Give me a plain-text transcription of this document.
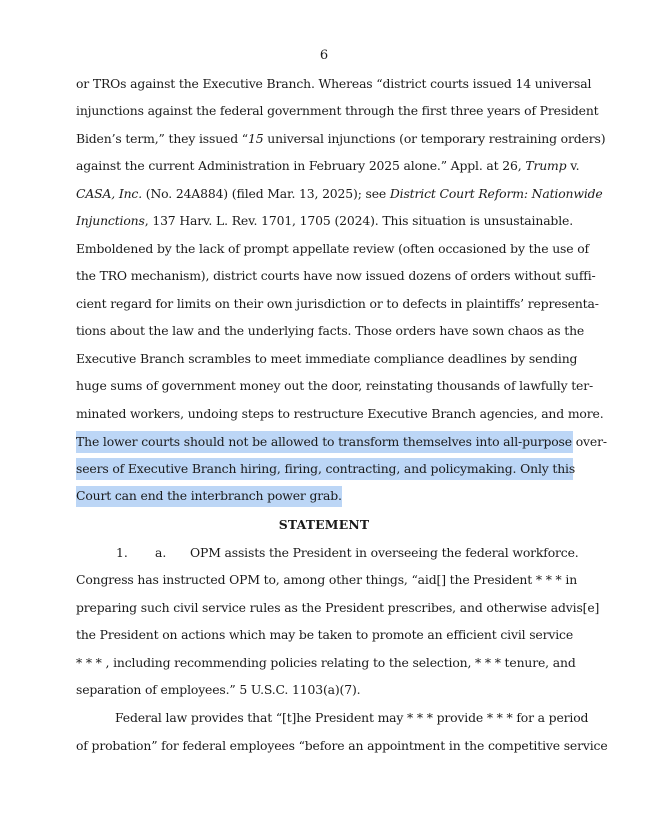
6
or TROs against the Executive Branch. Whereas “district courts issued 14 universal
injunctions against the federal government through the first three years of President
Biden’s term,” they issued “15 universal injunctions (or temporary restraining orders)
against the current Administration in February 2025 alone.” Appl. at 26, Trump v.
CASA, Inc. (No. 24A884) (filed Mar. 13, 2025); see District Court Reform: Nationwide
Injunctions, 137 Harv. L. Rev. 1701, 1705 (2024). This situation is unsustainable.
Emboldened by the lack of prompt appellate review (often occasioned by the use of
the TRO mechanism), district courts have now issued dozens of orders without suffi-
cient regard for limits on their own jurisdiction or to defects in plaintiffs’ representa-
tions about the law and the underlying facts. Those orders have sown chaos as the
Executive Branch scrambles to meet immediate compliance deadlines by sending
huge sums of government money out the door, reinstating thousands of lawfully ter-
minated workers, undoing steps to restructure Executive Branch agencies, and more.
The lower courts should not be allowed to transform themselves into all-purpose over-
seers of Executive Branch hiring, firing, contracting, and policymaking. Only this
Court can end the interbranch power grab.
STATEMENT
1. a. OPM assists the President in overseeing the federal workforce.
Congress has instructed OPM to, among other things, “aid[] the President * * * in
preparing such civil service rules as the President prescribes, and otherwise advis[e]
the President on actions which may be taken to promote an efficient civil service
* * * , including recommending policies relating to the selection, * * * tenure, and
separation of employees.” 5 U.S.C. 1103(a)(7).
Federal law provides that “[t]he President may * * * provide * * * for a period
of probation” for federal employees “before an appointment in the competitive service
